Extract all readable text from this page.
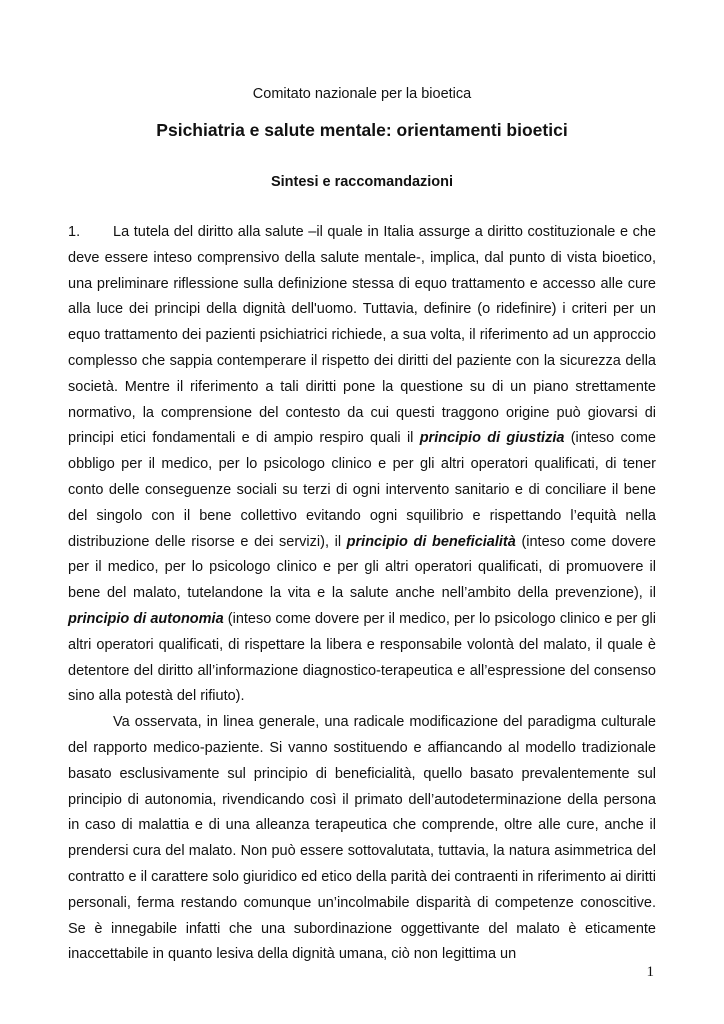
Comitato nazionale per la bioetica
Psichiatria e salute mentale: orientamenti bioetici
Sintesi e raccomandazioni

1. La tutela del diritto alla salute –il quale in Italia assurge a diritto costituzionale e che deve essere inteso comprensivo della salute mentale-, implica, dal punto di vista bioetico, una preliminare riflessione sulla definizione stessa di equo trattamento e accesso alle cure alla luce dei principi della dignità dell'uomo. Tuttavia, definire (o ridefinire) i criteri per un equo trattamento dei pazienti psichiatrici richiede, a sua volta, il riferimento ad un approccio complesso che sappia contemperare il rispetto dei diritti del paziente con la sicurezza della società. Mentre il riferimento a tali diritti pone la questione su di un piano strettamente normativo, la comprensione del contesto da cui questi traggono origine può giovarsi di principi etici fondamentali e di ampio respiro quali il principio di giustizia (inteso come obbligo per il medico, per lo psicologo clinico e per gli altri operatori qualificati, di tener conto delle conseguenze sociali su terzi di ogni intervento sanitario e di conciliare il bene del singolo con il bene collettivo evitando ogni squilibrio e rispettando l’equità nella distribuzione delle risorse e dei servizi), il principio di beneficialità (inteso come dovere per il medico, per lo psicologo clinico e per gli altri operatori qualificati, di promuovere il bene del malato, tutelandone la vita e la salute anche nell’ambito della prevenzione), il principio di autonomia (inteso come dovere per il medico, per lo psicologo clinico e per gli altri operatori qualificati, di rispettare la libera e responsabile volontà del malato, il quale è detentore del diritto all’informazione diagnostico-terapeutica e all’espressione del consenso sino alla potestà del rifiuto).

Va osservata, in linea generale, una radicale modificazione del paradigma culturale del rapporto medico-paziente. Si vanno sostituendo e affiancando al modello tradizionale basato esclusivamente sul principio di beneficialità, quello basato prevalentemente sul principio di autonomia, rivendicando così il primato dell’autodeterminazione della persona in caso di malattia e di una alleanza terapeutica che comprende, oltre alle cure, anche il prendersi cura del malato. Non può essere sottovalutata, tuttavia, la natura asimmetrica del contratto e il carattere solo giuridico ed etico della parità dei contraenti in riferimento ai diritti personali, ferma restando comunque un’incolmabile disparità di competenze conoscitive. Se è innegabile infatti che una subordinazione oggettivante del malato è eticamente inaccettabile in quanto lesiva della dignità umana, ciò non legittima un

1
